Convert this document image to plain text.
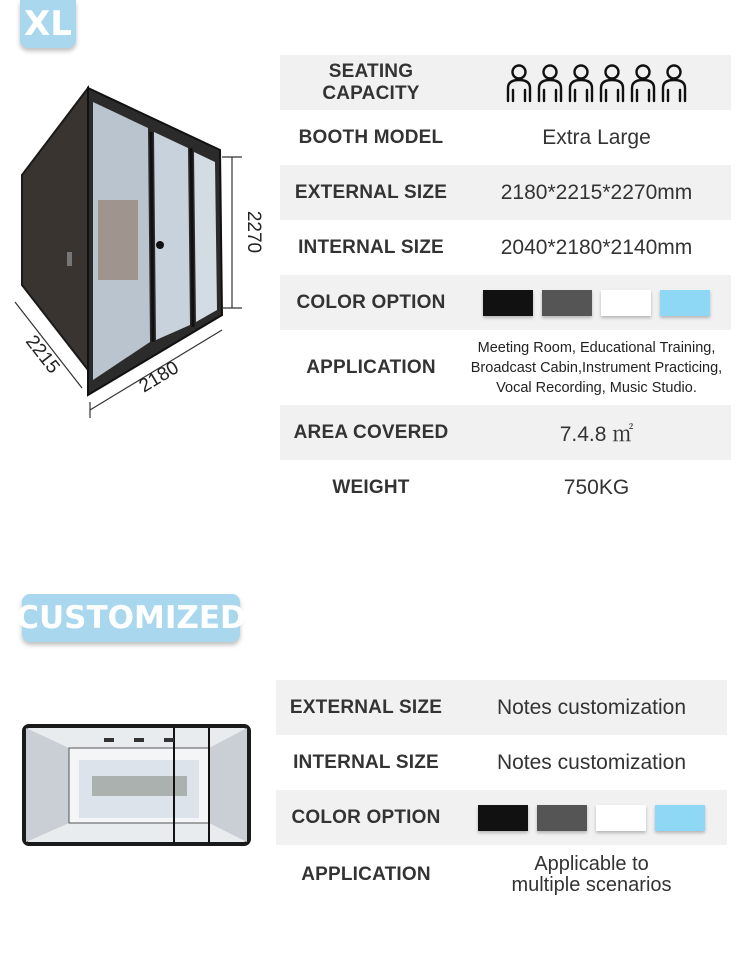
XL
2270
2215	2180
SEATING CAPACITY	

BOOTH MODEL	Extra Large
EXTERNAL SIZE	2180*2215*2270mm
INTERNAL SIZE	2040*2180*2140mm
COLOR OPTION	

APPLICATION	Meeting Room, Educational Training,
Broadcast Cabin,Instrument Practicing,
Vocal Recording, Music Studio.

AREA COVERED	7.4.8 ㎡
WEIGHT	750KG
CUSTOMIZED
EXTERNAL SIZE	Notes customization
INTERNAL SIZE	Notes customization
COLOR OPTION	

APPLICATION	Applicable to
multiple scenarios
